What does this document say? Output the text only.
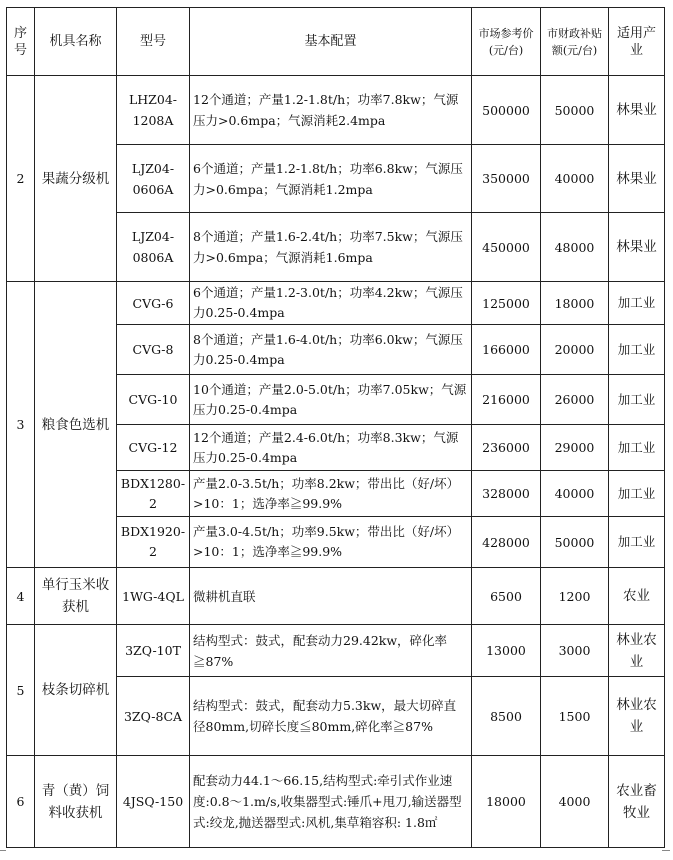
序号	机具名称	型号	基本配置	市场参考价(元/台)	市财政补贴额(元/台)	适用产业
2	果蔬分级机	LHZ04-1208A	12个通道；产量1.2-1.8t/h；功率7.8kw；气源压力>0.6mpa；气源消耗2.4mpa	500000	50000	林果业
		LJZ04-0606A	6个通道；产量1.2-1.8t/h；功率6.8kw；气源压力>0.6mpa；气源消耗1.2mpa	350000	40000	林果业
		LJZ04-0806A	8个通道；产量1.6-2.4t/h；功率7.5kw；气源压力>0.6mpa；气源消耗1.6mpa	450000	48000	林果业
3	粮食色选机	CVG-6	6个通道；产量1.2-3.0t/h；功率4.2kw；气源压力0.25-0.4mpa	125000	18000	加工业
		CVG-8	8个通道；产量1.6-4.0t/h；功率6.0kw；气源压力0.25-0.4mpa	166000	20000	加工业
		CVG-10	10个通道；产量2.0-5.0t/h；功率7.05kw；气源压力0.25-0.4mpa	216000	26000	加工业
		CVG-12	12个通道；产量2.4-6.0t/h；功率8.3kw；气源压力0.25-0.4mpa	236000	29000	加工业
		BDX1280-2	产量2.0-3.5t/h；功率8.2kw；带出比（好/坏）>10：1；选净率≧99.9%	328000	40000	加工业
		BDX1920-2	产量3.0-4.5t/h；功率9.5kw；带出比（好/坏）>10：1；选净率≧99.9%	428000	50000	加工业
4	单行玉米收获机	1WG-4QL	微耕机直联	6500	1200	农业
5	枝条切碎机	3ZQ-10T	结构型式：鼓式，配套动力29.42kw，碎化率≧87%	13000	3000	林业农业
		3ZQ-8CA	结构型式：鼓式，配套动力5.3kw，最大切碎直径80mm,切碎长度≦80mm,碎化率≧87%	8500	1500	林业农业
6	青（黄）饲料收获机	4JSQ-150	配套动力44.1～66.15,结构型式:牵引式作业速度:0.8～1.m/s,收集器型式:锤爪+甩刀,输送器型式:绞龙,抛送器型式:风机,集草箱容积: 1.8㎡	18000	4000	农业畜牧业
